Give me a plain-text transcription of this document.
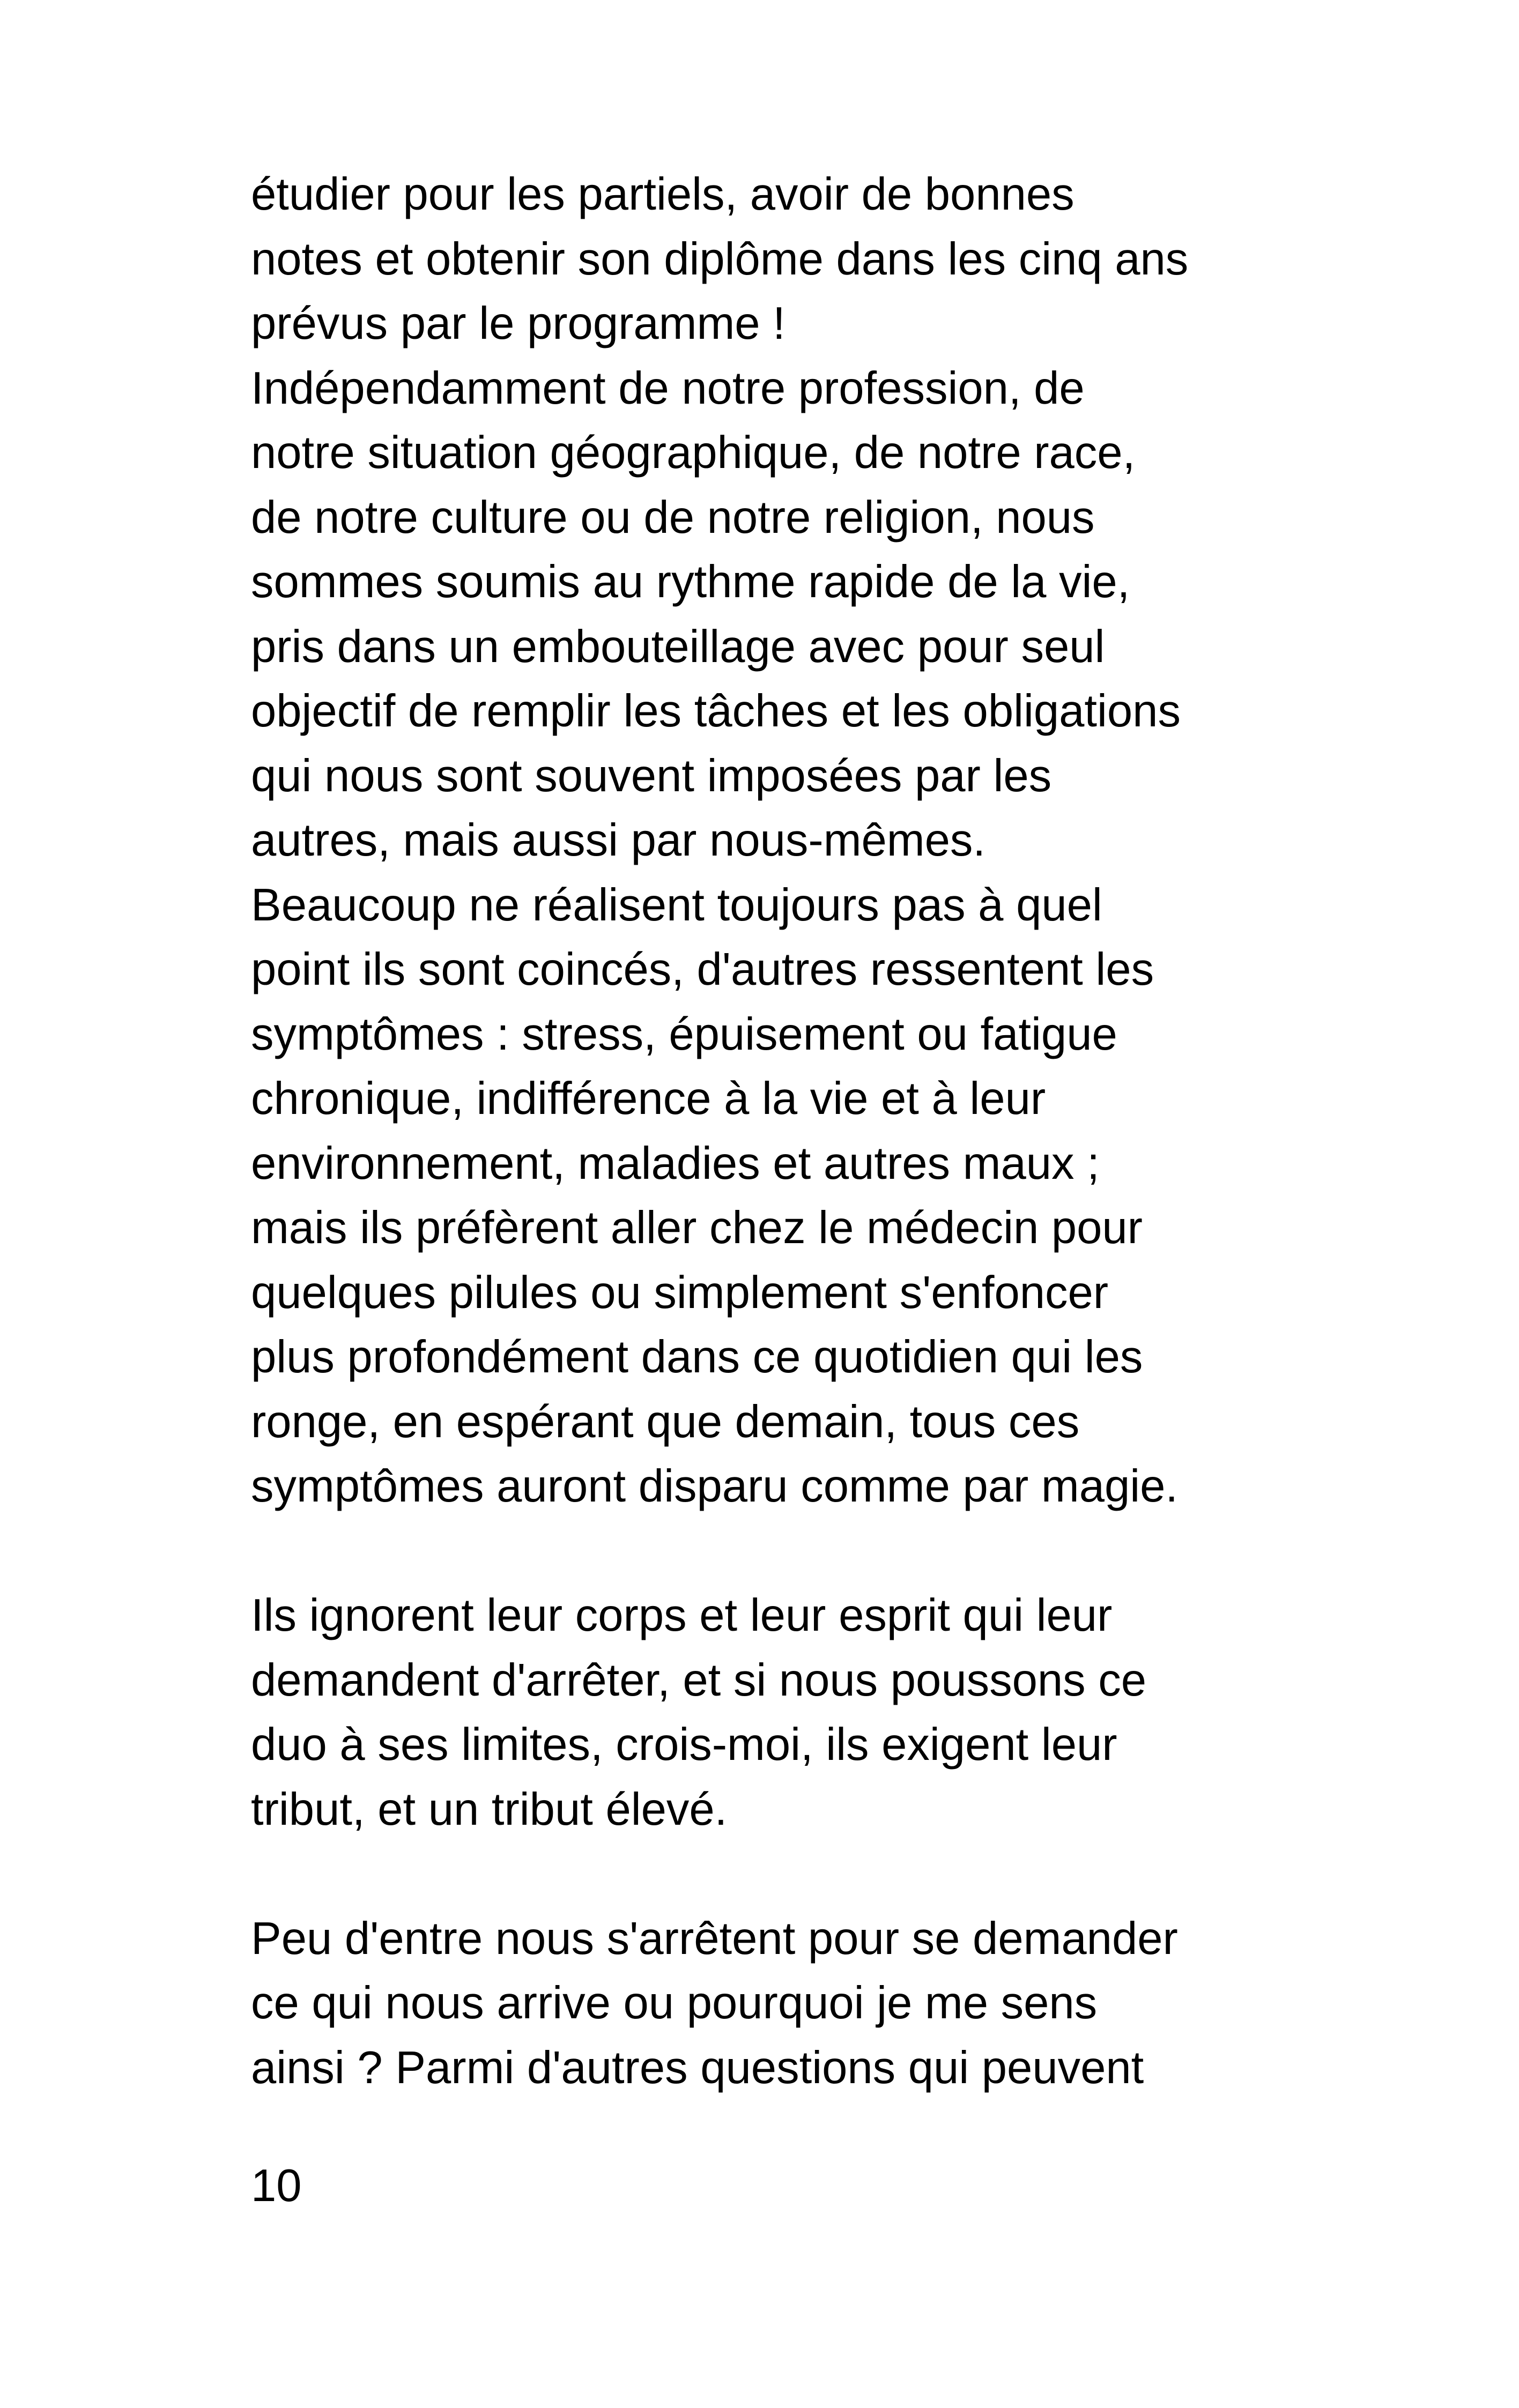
étudier pour les partiels, avoir de bonnes
notes et obtenir son diplôme dans les cinq ans
prévus par le programme !
Indépendamment de notre profession, de
notre situation géographique, de notre race,
de notre culture ou de notre religion, nous
sommes soumis au rythme rapide de la vie,
pris dans un embouteillage avec pour seul
objectif de remplir les tâches et les obligations
qui nous sont souvent imposées par les
autres, mais aussi par nous-mêmes.
Beaucoup ne réalisent toujours pas à quel
point ils sont coincés, d'autres ressentent les
symptômes : stress, épuisement ou fatigue
chronique, indifférence à la vie et à leur
environnement, maladies et autres maux ;
mais ils préfèrent aller chez le médecin pour
quelques pilules ou simplement s'enfoncer
plus profondément dans ce quotidien qui les
ronge, en espérant que demain, tous ces
symptômes auront disparu comme par magie.
Ils ignorent leur corps et leur esprit qui leur
demandent d'arrêter, et si nous poussons ce
duo à ses limites, crois-moi, ils exigent leur
tribut, et un tribut élevé.
Peu d'entre nous s'arrêtent pour se demander
ce qui nous arrive ou pourquoi je me sens
ainsi ? Parmi d'autres questions qui peuvent
10
